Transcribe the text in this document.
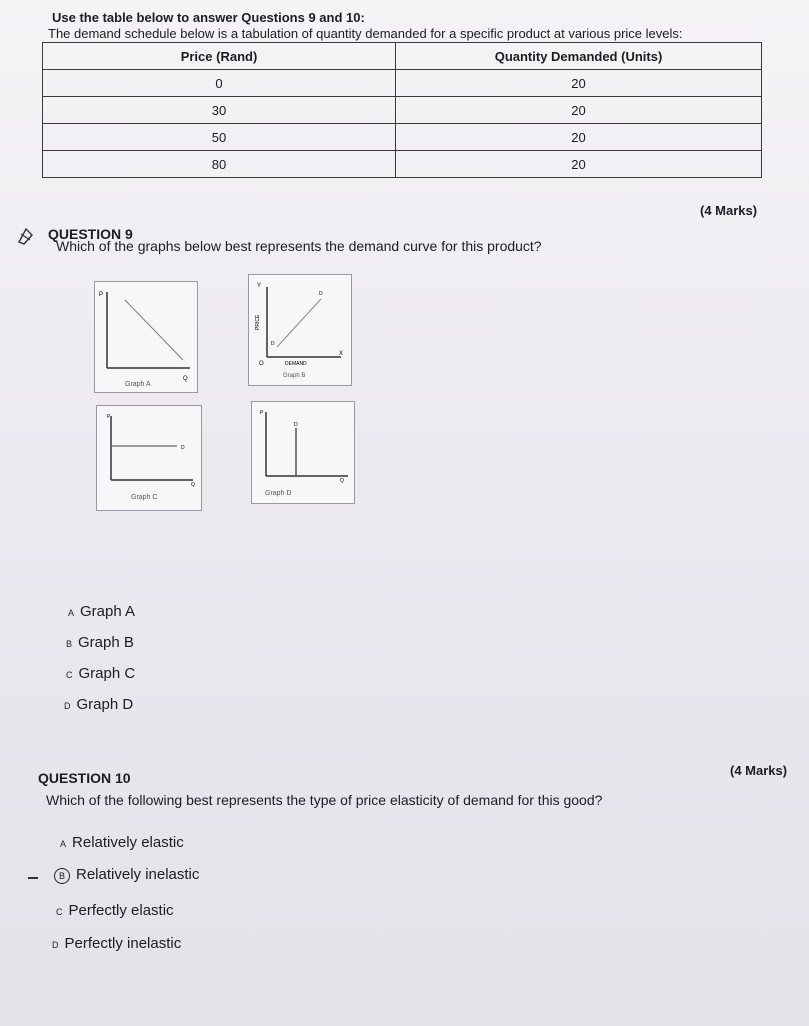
Use the table below to answer Questions 9 and 10:
The demand schedule below is a tabulation of quantity demanded for a specific product at various price levels:
Price (Rand)	Quantity Demanded (Units)
0	20
30	20
50	20
80	20
(4 Marks)
QUESTION 9
Which of the graphs below best represents the demand curve for this product?
P
Q
Graph A
Y
PRICE
D
D
O
X
DEMAND
Graph B
P
D
Q
Graph C
P
D
Q
Graph D
A Graph A
B Graph B
C Graph C
D Graph D
QUESTION 10	(4 Marks)
Which of the following best represents the type of price elasticity of demand for this good?
A Relatively elastic
B Relatively inelastic
C Perfectly elastic
D Perfectly inelastic
